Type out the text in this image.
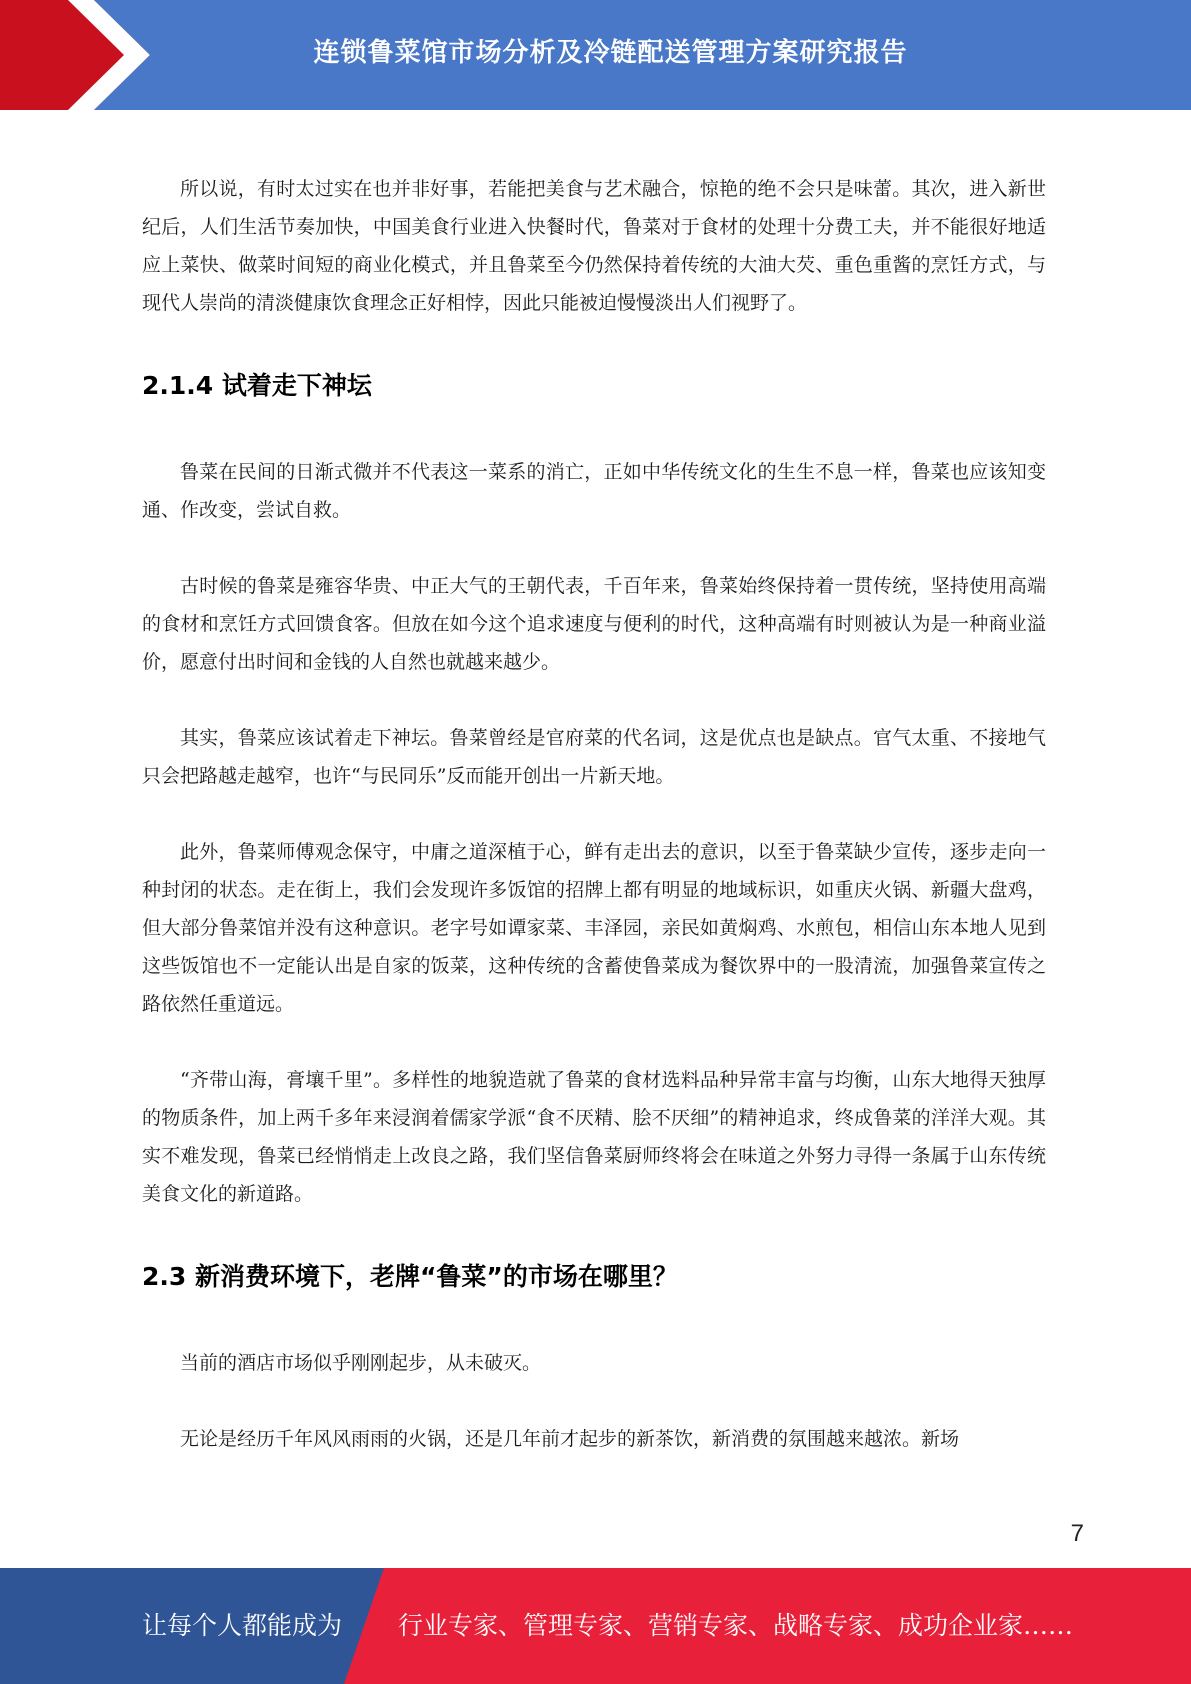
连锁鲁菜馆市场分析及冷链配送管理方案研究报告

所以说，有时太过实在也并非好事，若能把美食与艺术融合，惊艳的绝不会只是味蕾。其次，进入新世纪后，人们生活节奏加快，中国美食行业进入快餐时代，鲁菜对于食材的处理十分费工夫，并不能很好地适应上菜快、做菜时间短的商业化模式，并且鲁菜至今仍然保持着传统的大油大芡、重色重酱的烹饪方式，与现代人崇尚的清淡健康饮食理念正好相悖，因此只能被迫慢慢淡出人们视野了。

2.1.4 试着走下神坛

鲁菜在民间的日渐式微并不代表这一菜系的消亡，正如中华传统文化的生生不息一样，鲁菜也应该知变通、作改变，尝试自救。

古时候的鲁菜是雍容华贵、中正大气的王朝代表，千百年来，鲁菜始终保持着一贯传统，坚持使用高端的食材和烹饪方式回馈食客。但放在如今这个追求速度与便利的时代，这种高端有时则被认为是一种商业溢价，愿意付出时间和金钱的人自然也就越来越少。

其实，鲁菜应该试着走下神坛。鲁菜曾经是官府菜的代名词，这是优点也是缺点。官气太重、不接地气只会把路越走越窄，也许“与民同乐”反而能开创出一片新天地。

此外，鲁菜师傅观念保守，中庸之道深植于心，鲜有走出去的意识，以至于鲁菜缺少宣传，逐步走向一种封闭的状态。走在街上，我们会发现许多饭馆的招牌上都有明显的地域标识，如重庆火锅、新疆大盘鸡，但大部分鲁菜馆并没有这种意识。老字号如谭家菜、丰泽园，亲民如黄焖鸡、水煎包，相信山东本地人见到这些饭馆也不一定能认出是自家的饭菜，这种传统的含蓄使鲁菜成为餐饮界中的一股清流，加强鲁菜宣传之路依然任重道远。

“齐带山海，膏壤千里”。多样性的地貌造就了鲁菜的食材选料品种异常丰富与均衡，山东大地得天独厚的物质条件，加上两千多年来浸润着儒家学派“食不厌精、脍不厌细”的精神追求，终成鲁菜的洋洋大观。其实不难发现，鲁菜已经悄悄走上改良之路，我们坚信鲁菜厨师终将会在味道之外努力寻得一条属于山东传统美食文化的新道路。

2.3 新消费环境下，老牌“鲁菜”的市场在哪里？

当前的酒店市场似乎刚刚起步，从未破灭。

无论是经历千年风风雨雨的火锅，还是几年前才起步的新茶饮，新消费的氛围越来越浓。新场

7
让每个人都能成为 行业专家、管理专家、营销专家、战略专家、成功企业家……
